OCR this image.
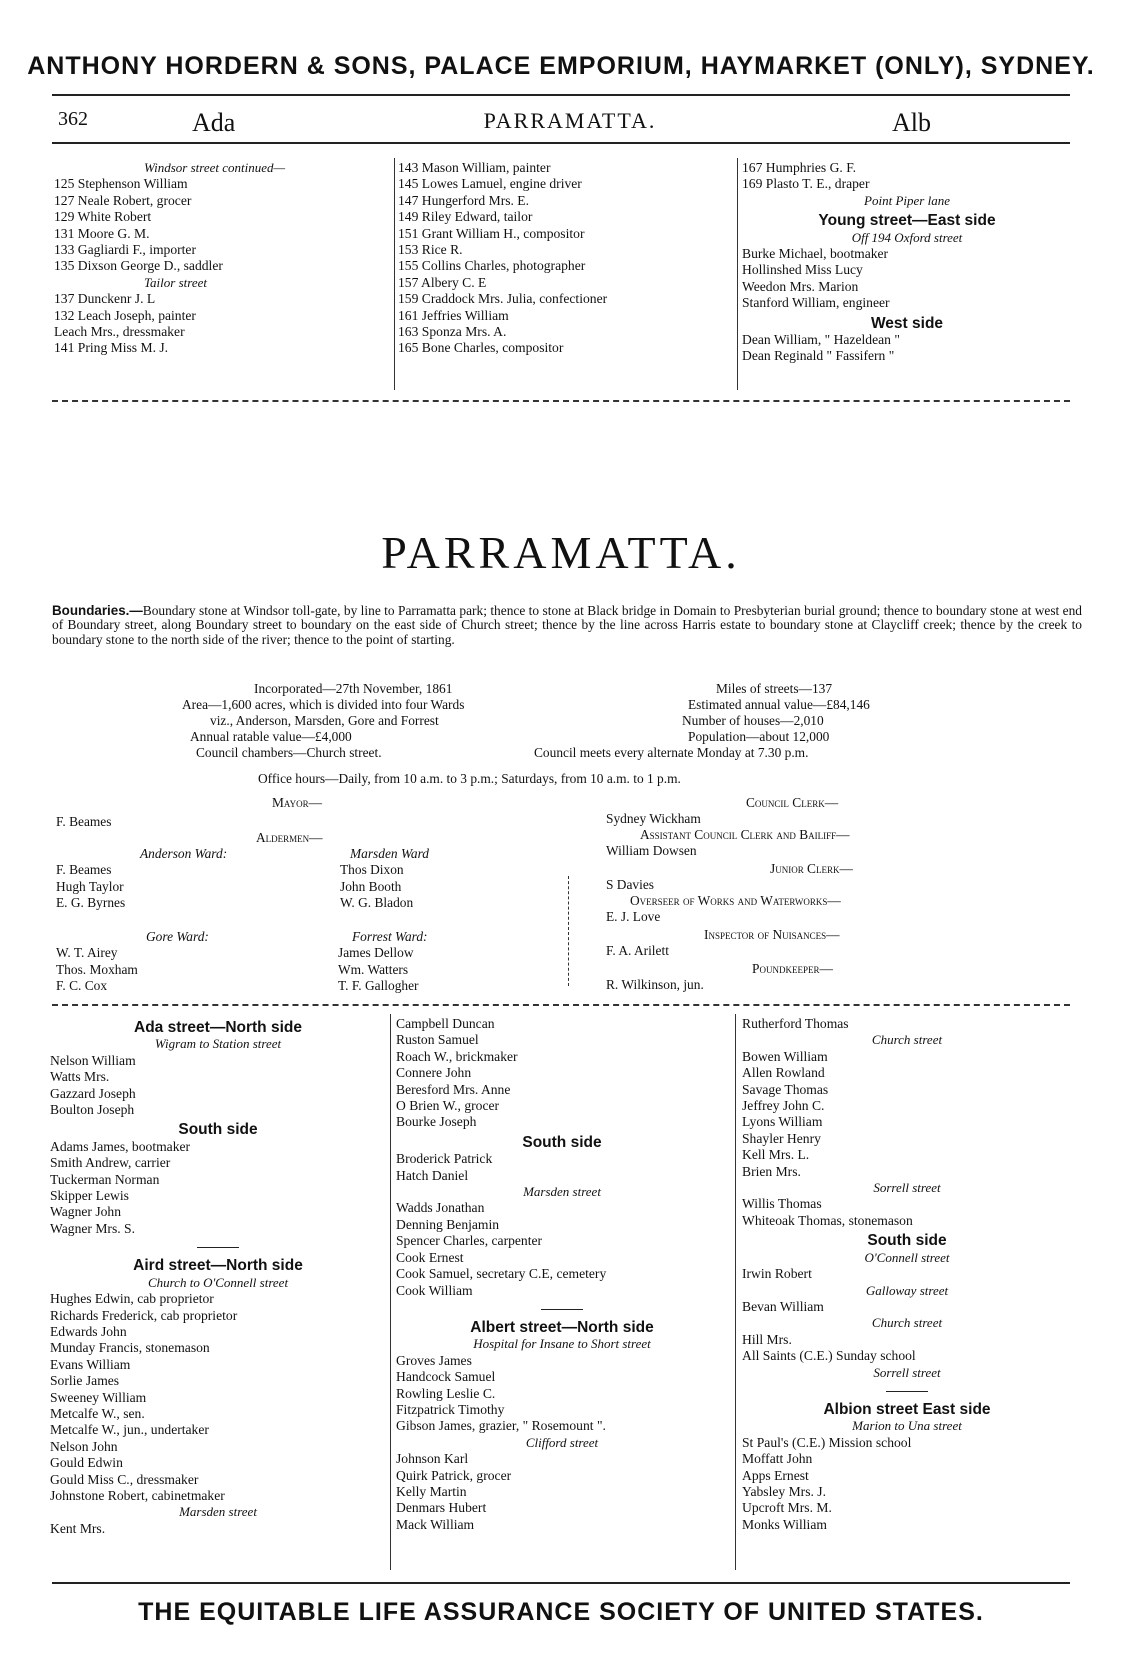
ANTHONY HORDERN & SONS, PALACE EMPORIUM, HAYMARKET (ONLY), SYDNEY.
362	Ada	PARRAMATTA.	Alb
Windsor street continued—
125 Stephenson William
127 Neale Robert, grocer
129 White Robert
131 Moore G. M.
133 Gagliardi F., importer
135 Dixson George D., saddler
Tailor street
137 Dunckenr J. L
132 Leach Joseph, painter
Leach Mrs., dressmaker
141 Pring Miss M. J.
143 Mason William, painter
145 Lowes Lamuel, engine driver
147 Hungerford Mrs. E.
149 Riley Edward, tailor
151 Grant William H., compositor
153 Rice R.
155 Collins Charles, photographer
157 Albery C. E
159 Craddock Mrs. Julia, confectioner
161 Jeffries William
163 Sponza Mrs. A.
165 Bone Charles, compositor
167 Humphries G. F.
169 Plasto T. E., draper
Point Piper lane
Young street—East side
Off 194 Oxford street
Burke Michael, bootmaker
Hollinshed Miss Lucy
Weedon Mrs. Marion
Stanford William, engineer
West side
Dean William, " Hazeldean "
Dean Reginald " Fassifern "
PARRAMATTA.
Boundaries.—Boundary stone at Windsor toll-gate, by line to Parramatta park; thence to stone at Black bridge in Domain to Presbyterian burial ground; thence to boundary stone at west end of Boundary street, along Boundary street to boundary on the east side of Church street; thence by the line across Harris estate to boundary stone at Claycliff creek; thence by the creek to boundary stone to the north side of the river; thence to the point of starting.
Incorporated—27th November, 1861
Area—1,600 acres, which is divided into four Wards
viz., Anderson, Marsden, Gore and Forrest
Annual ratable value—£4,000
Council chambers—Church street.
Miles of streets—137
Estimated annual value—£84,146
Number of houses—2,010
Population—about 12,000
Council meets every alternate Monday at 7.30 p.m.
Office hours—Daily, from 10 a.m. to 3 p.m.; Saturdays, from 10 a.m. to 1 p.m.
Mayor—
F. Beames
Aldermen—
Anderson Ward:
F. Beames
Hugh Taylor
E. G. Byrnes
Marsden Ward
Thos Dixon
John Booth
W. G. Bladon
Gore Ward:
W. T. Airey
Thos. Moxham
F. C. Cox
Forrest Ward:
James Dellow
Wm. Watters
T. F. Gallogher
Council Clerk—
Sydney Wickham
Assistant Council Clerk and Bailiff—
William Dowsen
Junior Clerk—
S Davies
Overseer of Works and Waterworks—
E. J. Love
Inspector of Nuisances—
F. A. Arilett
Poundkeeper—
R. Wilkinson, jun.
Ada street—North side
Wigram to Station street
Nelson William
Watts Mrs.
Gazzard Joseph
Boulton Joseph
South side
Adams James, bootmaker
Smith Andrew, carrier
Tuckerman Norman
Skipper Lewis
Wagner John
Wagner Mrs. S.
Aird street—North side
Church to O'Connell street
Hughes Edwin, cab proprietor
Richards Frederick, cab proprietor
Edwards John
Munday Francis, stonemason
Evans William
Sorlie James
Sweeney William
Metcalfe W., sen.
Metcalfe W., jun., undertaker
Nelson John
Gould Edwin
Gould Miss C., dressmaker
Johnstone Robert, cabinetmaker
Marsden street
Kent Mrs.
Campbell Duncan
Ruston Samuel
Roach W., brickmaker
Connere John
Beresford Mrs. Anne
O Brien W., grocer
Bourke Joseph
South side
Broderick Patrick
Hatch Daniel
Marsden street
Wadds Jonathan
Denning Benjamin
Spencer Charles, carpenter
Cook Ernest
Cook Samuel, secretary C.E, cemetery
Cook William
Albert street—North side
Hospital for Insane to Short street
Groves James
Handcock Samuel
Rowling Leslie C.
Fitzpatrick Timothy
Gibson James, grazier, " Rosemount ".
Clifford street
Johnson Karl
Quirk Patrick, grocer
Kelly Martin
Denmars Hubert
Mack William
Rutherford Thomas
Church street
Bowen William
Allen Rowland
Savage Thomas
Jeffrey John C.
Lyons William
Shayler Henry
Kell Mrs. L.
Brien Mrs.
Sorrell street
Willis Thomas
Whiteoak Thomas, stonemason
South side
O'Connell street
Irwin Robert
Galloway street
Bevan William
Church street
Hill Mrs.
All Saints (C.E.) Sunday school
Sorrell street
Albion street East side
Marion to Una street
St Paul's (C.E.) Mission school
Moffatt John
Apps Ernest
Yabsley Mrs. J.
Upcroft Mrs. M.
Monks William
THE EQUITABLE LIFE ASSURANCE SOCIETY OF UNITED STATES.
